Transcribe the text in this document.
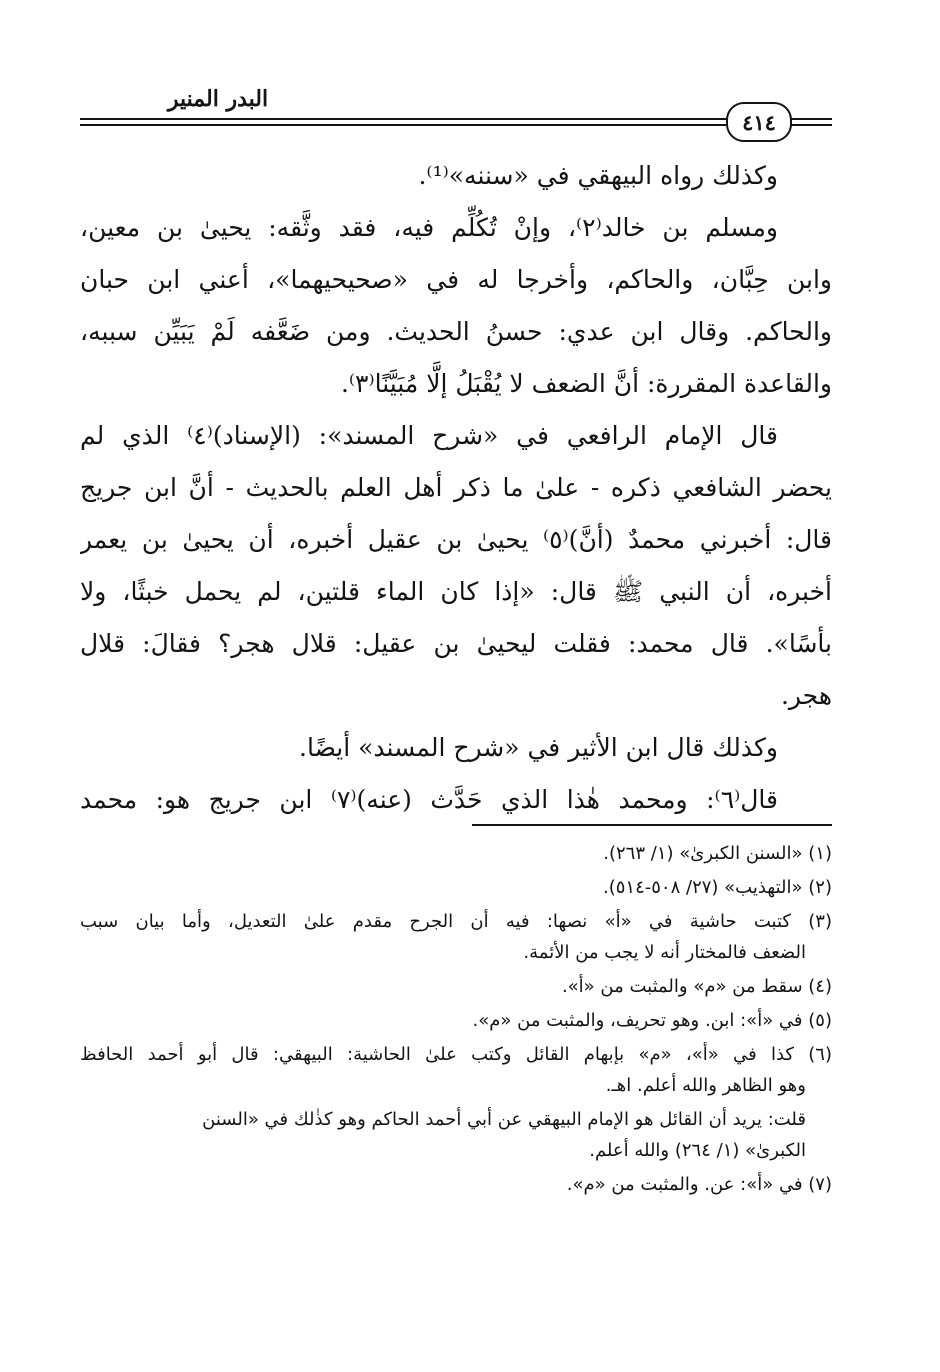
البدر المنير
٤١٤
وكذلك رواه البيهقي في «سننه»⁽¹⁾.
ومسلم بن خالد⁽٢⁾، وإنْ تُكُلِّم فيه، فقد وثَّقه: يحيىٰ بن معين،
وابن حِبَّان، والحاكم، وأخرجا له في «صحيحيهما»، أعني ابن حبان
والحاكم. وقال ابن عدي: حسنُ الحديث. ومن ضَعَّفه لَمْ يَبَيِّن سببه،
والقاعدة المقررة: أنَّ الضعف لا يُقْبَلُ إلَّا مُبَيَّنًا⁽٣⁾.
قال الإمام الرافعي في «شرح المسند»: (الإسناد)⁽٤⁾ الذي لم
يحضر الشافعي ذكره - علىٰ ما ذكر أهل العلم بالحديث - أنَّ ابن جريج
قال: أخبرني محمدٌ (أنَّ)⁽٥⁾ يحيىٰ بن عقيل أخبره، أن يحيىٰ بن يعمر
أخبره، أن النبي ﷺ قال: «إذا كان الماء قلتين، لم يحمل خبثًا، ولا
بأسًا». قال محمد: فقلت ليحيىٰ بن عقيل: قلال هجر؟ فقالَ: قلال
هجر.
وكذلك قال ابن الأثير في «شرح المسند» أيضًا.
قال⁽٦⁾: ومحمد هٰذا الذي حَدَّث (عنه)⁽٧⁾ ابن جريج هو: محمد
(١) «السنن الكبرىٰ» (١/ ٢٦٣).
(٢) «التهذيب» (٢٧/ ٥٠٨-٥١٤).
(٣) كتبت حاشية في «أ» نصها: فيه أن الجرح مقدم علىٰ التعديل، وأما بيان سبب
الضعف فالمختار أنه لا يجب من الأئمة.
(٤) سقط من «م» والمثبت من «أ».
(٥) في «أ»: ابن. وهو تحريف، والمثبت من «م».
(٦) كذا في «أ»، «م» بإبهام القائل وكتب علىٰ الحاشية: البيهقي: قال أبو أحمد الحافظ
وهو الظاهر والله أعلم. اهـ.
قلت: يريد أن القائل هو الإمام البيهقي عن أبي أحمد الحاكم وهو كذٰلك في «السنن
الكبرىٰ» (١/ ٢٦٤) والله أعلم.
(٧) في «أ»: عن. والمثبت من «م».
